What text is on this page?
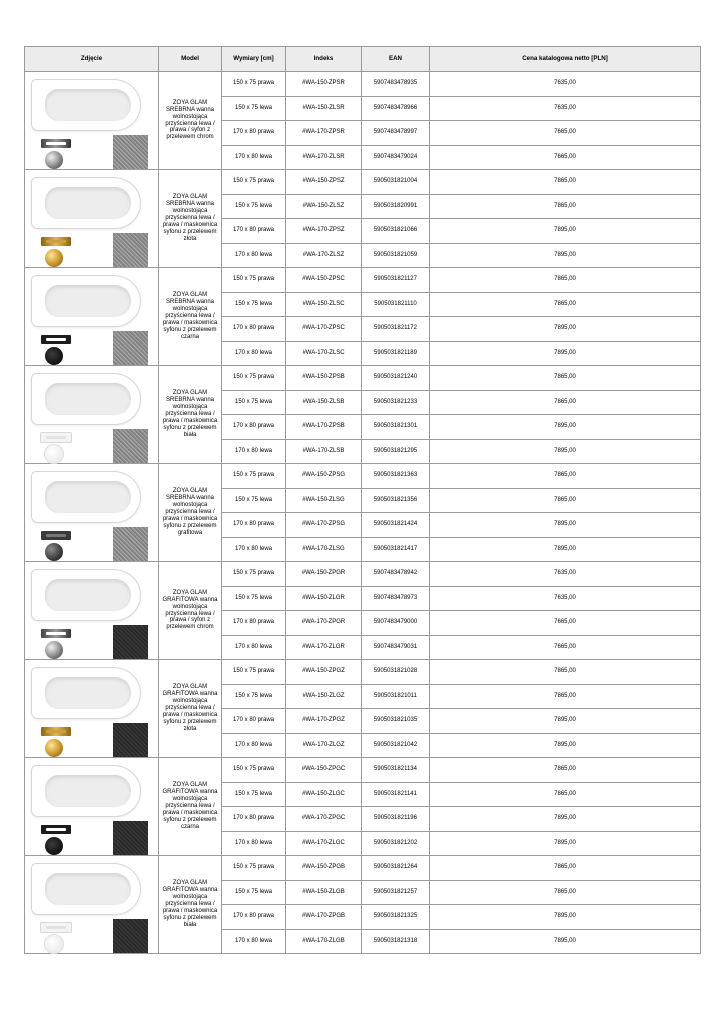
Zdjęcie	Model	Wymiary [cm]	Indeks	EAN	Cena katalogowa netto [PLN]

	ZOYA GLAM SREBRNA wanna wolnostojąca przyścienna lewa / prawa / syfon z przelewem chrom	150 x 75 prawa	#WA-150-ZPSR	5907483478935	7635,00
		150 x 75 lewa	#WA-150-ZLSR	5907483478966	7635,00
		170 x 80 prawa	#WA-170-ZPSR	5907483478997	7665,00
		170 x 80 lewa	#WA-170-ZLSR	5907483479024	7665,00

	ZOYA GLAM SREBRNA wanna wolnostojąca przyścienna lewa / prawa / maskownica syfonu z przelewem złota	150 x 75 prawa	#WA-150-ZPSZ	5905031821004	7865,00
		150 x 75 lewa	#WA-150-ZLSZ	5905031820991	7865,00
		170 x 80 prawa	#WA-170-ZPSZ	5905031821066	7895,00
		170 x 80 lewa	#WA-170-ZLSZ	5905031821059	7895,00

	ZOYA GLAM SREBRNA wanna wolnostojąca przyścienna lewa / prawa / maskownica syfonu z przelewem czarna	150 x 75 prawa	#WA-150-ZPSC	5905031821127	7865,00
		150 x 75 lewa	#WA-150-ZLSC	5905031821110	7865,00
		170 x 80 prawa	#WA-170-ZPSC	5905031821172	7895,00
		170 x 80 lewa	#WA-170-ZLSC	5905031821189	7895,00

	ZOYA GLAM SREBRNA wanna wolnostojąca przyścienna lewa / prawa / maskownica syfonu z przelewem biała	150 x 75 prawa	#WA-150-ZPSB	5905031821240	7865,00
		150 x 75 lewa	#WA-150-ZLSB	5905031821233	7865,00
		170 x 80 prawa	#WA-170-ZPSB	5905031821301	7895,00
		170 x 80 lewa	#WA-170-ZLSB	5905031821295	7895,00

	ZOYA GLAM SREBRNA wanna wolnostojąca przyścienna lewa / prawa / maskownica syfonu z przelewem grafitowa	150 x 75 prawa	#WA-150-ZPSG	5905031821363	7865,00
		150 x 75 lewa	#WA-150-ZLSG	5905031821356	7865,00
		170 x 80 prawa	#WA-170-ZPSG	5905031821424	7895,00
		170 x 80 lewa	#WA-170-ZLSG	5905031821417	7895,00

	ZOYA GLAM GRAFITOWA wanna wolnostojąca przyścienna lewa / prawa / syfon z przelewem chrom	150 x 75 prawa	#WA-150-ZPGR	5907483478942	7635,00
		150 x 75 lewa	#WA-150-ZLGR	5907483478973	7635,00
		170 x 80 prawa	#WA-170-ZPGR	5907483479000	7665,00
		170 x 80 lewa	#WA-170-ZLGR	5907483479031	7665,00

	ZOYA GLAM GRAFITOWA wanna wolnostojąca przyścienna lewa / prawa / maskownica syfonu z przelewem złota	150 x 75 prawa	#WA-150-ZPGZ	5905031821028	7865,00
		150 x 75 lewa	#WA-150-ZLGZ	5905031821011	7865,00
		170 x 80 prawa	#WA-170-ZPGZ	5905031821035	7895,00
		170 x 80 lewa	#WA-170-ZLGZ	5905031821042	7895,00

	ZOYA GLAM GRAFITOWA wanna wolnostojąca przyścienna lewa / prawa / maskownica syfonu z przelewem czarna	150 x 75 prawa	#WA-150-ZPGC	5905031821134	7865,00
		150 x 75 lewa	#WA-150-ZLGC	5905031821141	7865,00
		170 x 80 prawa	#WA-170-ZPGC	5905031821196	7895,00
		170 x 80 lewa	#WA-170-ZLGC	5905031821202	7895,00

	ZOYA GLAM GRAFITOWA wanna wolnostojąca przyścienna lewa / prawa / maskownica syfonu z przelewem biała	150 x 75 prawa	#WA-150-ZPGB	5905031821264	7865,00
		150 x 75 lewa	#WA-150-ZLGB	5905031821257	7865,00
		170 x 80 prawa	#WA-170-ZPGB	5905031821325	7895,00
		170 x 80 lewa	#WA-170-ZLGB	5905031821318	7895,00
